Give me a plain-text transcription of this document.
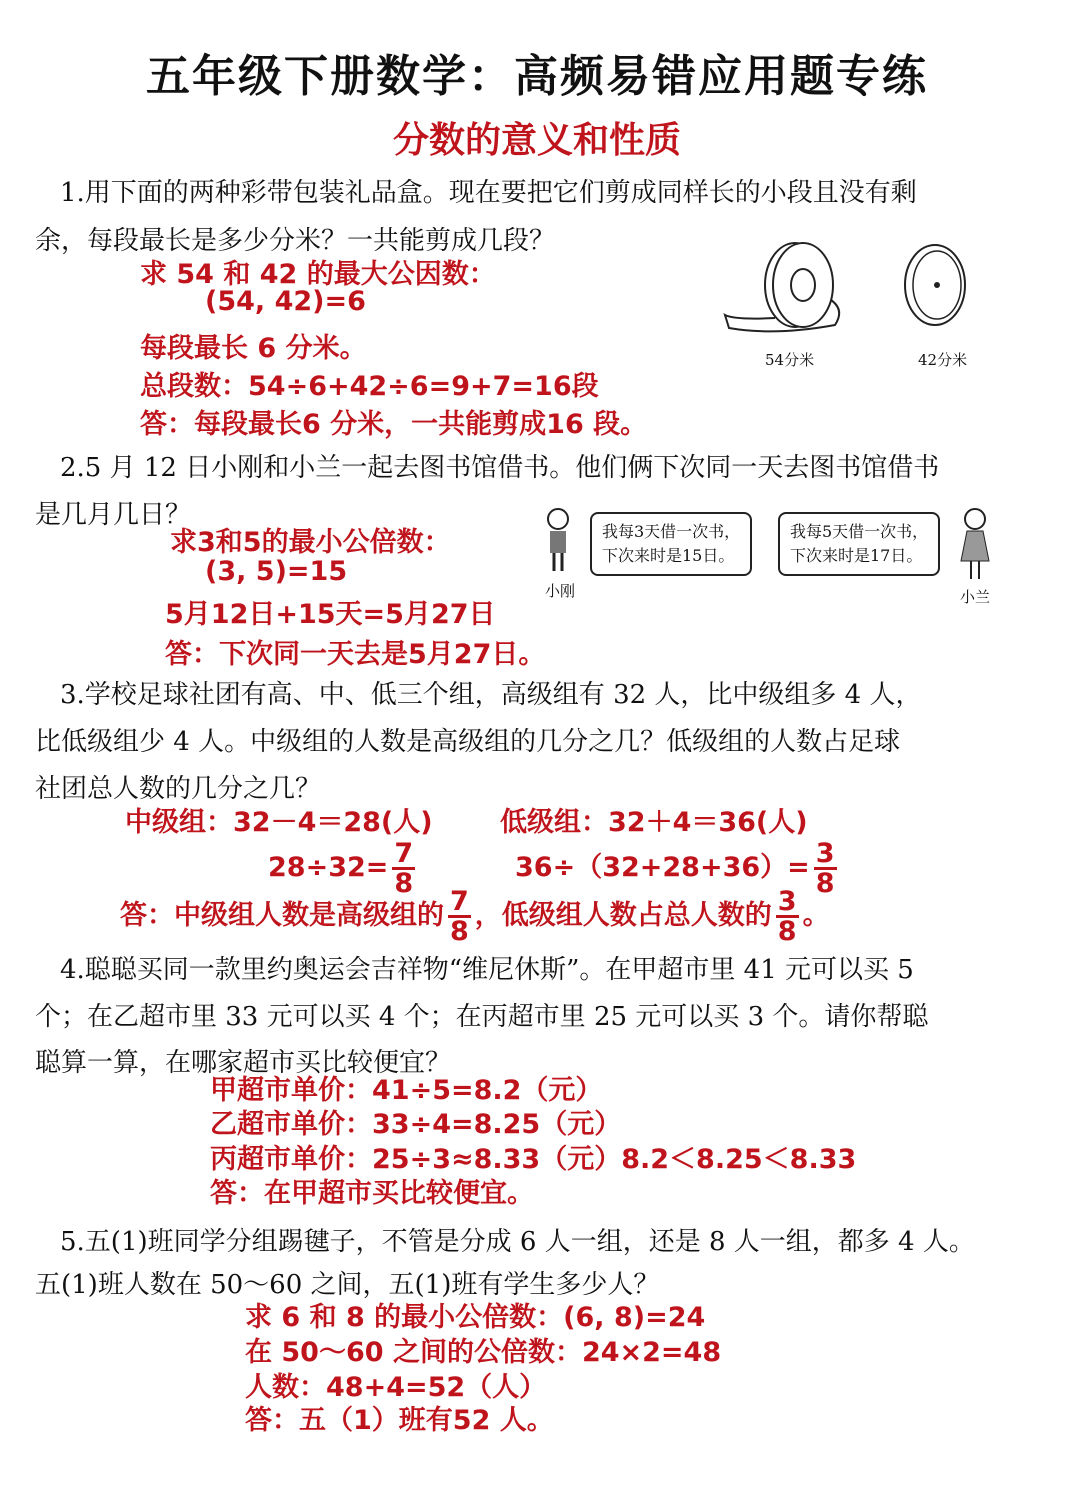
五年级下册数学：高频易错应用题专练
分数的意义和性质
1.用下面的两种彩带包装礼品盒。现在要把它们剪成同样长的小段且没有剩
余，每段最长是多少分米？一共能剪成几段？
求 54 和 42 的最大公因数：
(54, 42)=6
每段最长 6 分米。
总段数：54÷6+42÷6=9+7=16段
答：每段最长6 分米，一共能剪成16 段。
54分米	42分米
2.5 月 12 日小刚和小兰一起去图书馆借书。他们俩下次同一天去图书馆借书
是几月几日？
求3和5的最小公倍数：
(3, 5)=15
5月12日+15天=5月27日
答：下次同一天去是5月27日。
小刚
我每3天借一次书，
下次来时是15日。
我每5天借一次书，
下次来时是17日。
小兰
3.学校足球社团有高、中、低三个组，高级组有 32 人，比中级组多 4 人，
比低级组少 4 人。中级组的人数是高级组的几分之几？低级组的人数占足球
社团总人数的几分之几？
中级组：32－4＝28(人) 低级组：32＋4＝36(人)
$28\div 32= \frac{7}{8}$	$36\div(32+28+36)= \frac{3}{8}$
答：中级组人数是高级组的 $\frac{7}{8}$ ，低级组人数占总人数的 $\frac{3}{8}$ 。
4.聪聪买同一款里约奥运会吉祥物“维尼休斯”。在甲超市里 41 元可以买 5
个；在乙超市里 33 元可以买 4 个；在丙超市里 25 元可以买 3 个。请你帮聪
聪算一算，在哪家超市买比较便宜？
甲超市单价：41÷5=8.2（元）
乙超市单价：33÷4=8.25（元）
丙超市单价：25÷3≈8.33（元）8.2＜8.25＜8.33
答：在甲超市买比较便宜。
5.五(1)班同学分组踢毽子，不管是分成 6 人一组，还是 8 人一组，都多 4 人。
五(1)班人数在 50～60 之间，五(1)班有学生多少人？
求 6 和 8 的最小公倍数：(6, 8)=24
在 50～60 之间的公倍数：24×2=48
人数：48+4=52（人）
答：五（1）班有52 人。
